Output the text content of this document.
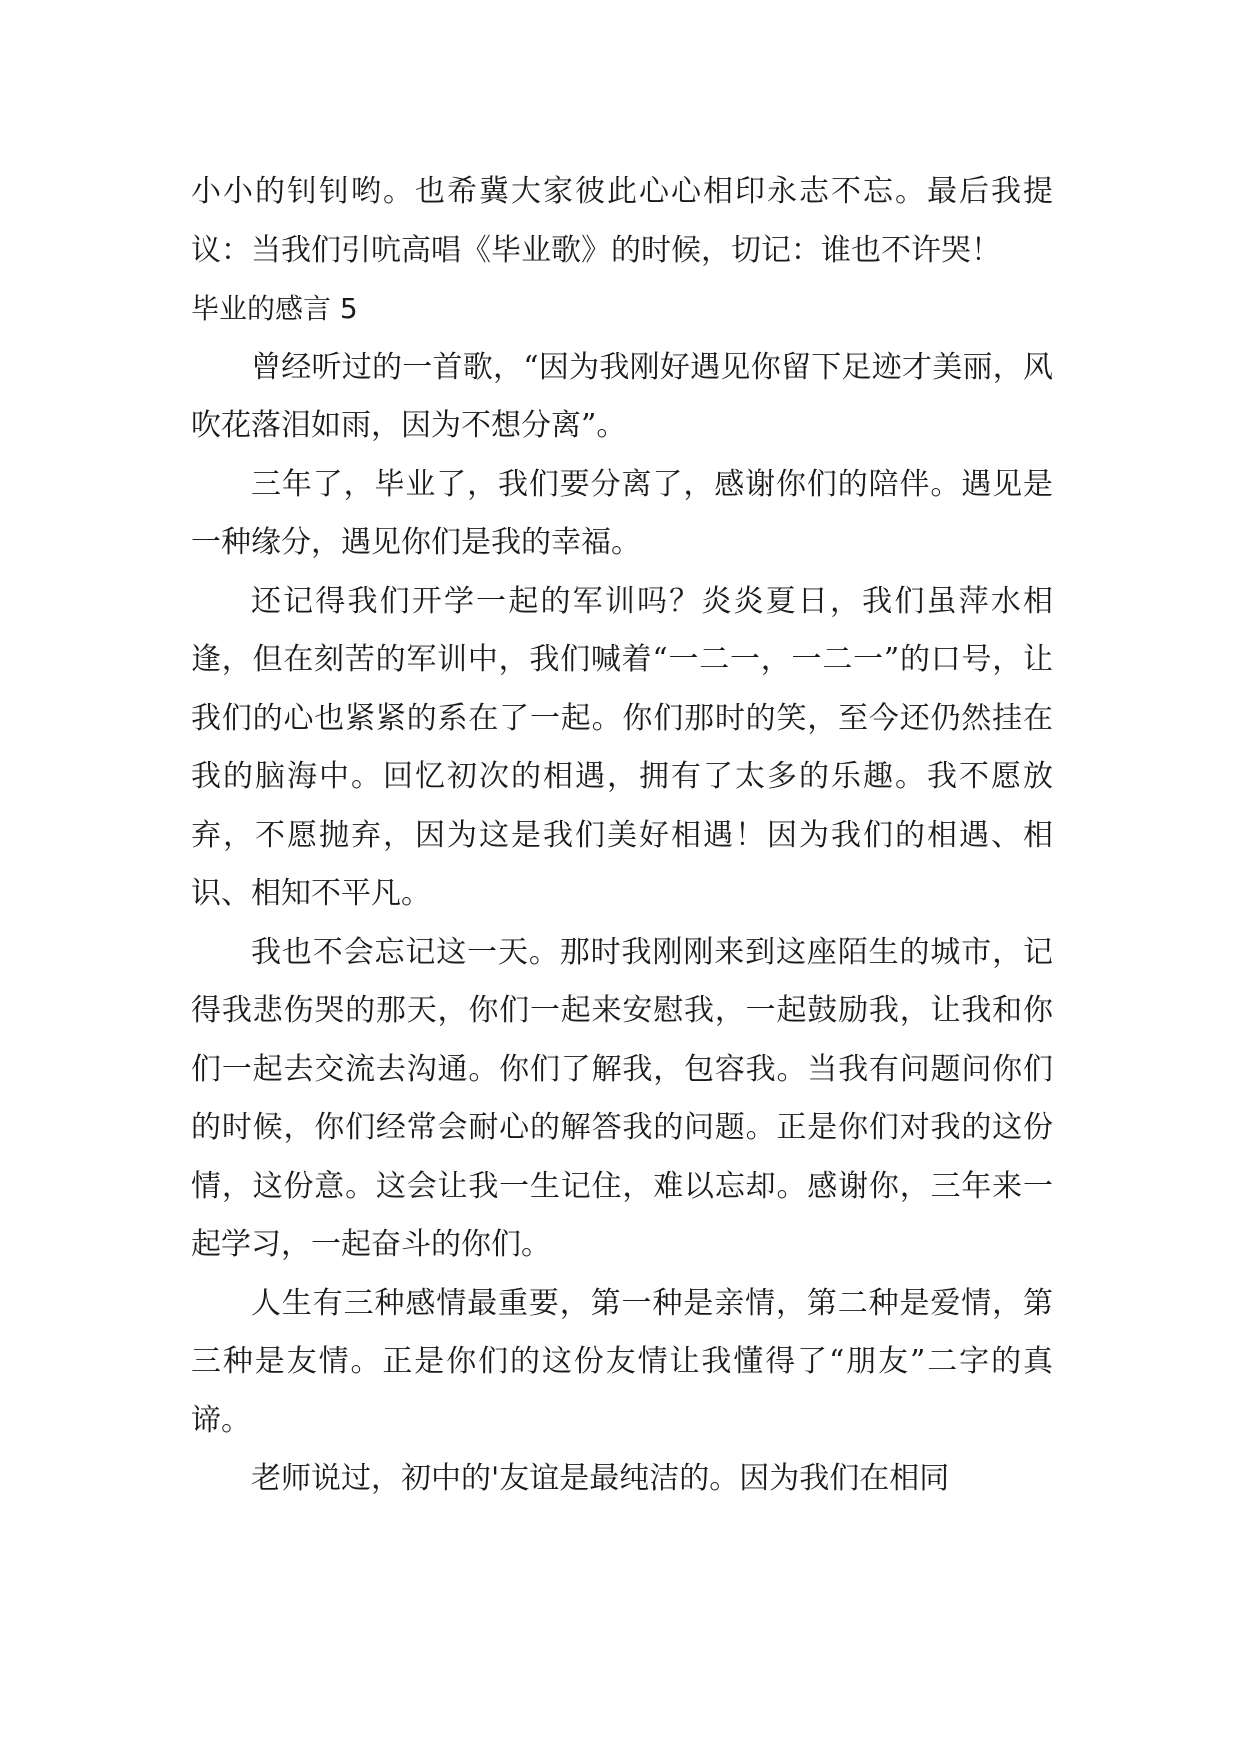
小小的钊钊哟。也希冀大家彼此心心相印永志不忘。最后我提议：当我们引吭高唱《毕业歌》的时候，切记：谁也不许哭！

毕业的感言 5

曾经听过的一首歌，“因为我刚好遇见你留下足迹才美丽，风吹花落泪如雨，因为不想分离”。

三年了，毕业了，我们要分离了，感谢你们的陪伴。遇见是一种缘分，遇见你们是我的幸福。

还记得我们开学一起的军训吗？炎炎夏日，我们虽萍水相逢，但在刻苦的军训中，我们喊着“一二一，一二一”的口号，让我们的心也紧紧的系在了一起。你们那时的笑，至今还仍然挂在我的脑海中。回忆初次的相遇，拥有了太多的乐趣。我不愿放弃，不愿抛弃，因为这是我们美好相遇！因为我们的相遇、相识、相知不平凡。

我也不会忘记这一天。那时我刚刚来到这座陌生的城市，记得我悲伤哭的那天，你们一起来安慰我，一起鼓励我，让我和你们一起去交流去沟通。你们了解我，包容我。当我有问题问你们的时候，你们经常会耐心的解答我的问题。正是你们对我的这份情，这份意。这会让我一生记住，难以忘却。感谢你，三年来一起学习，一起奋斗的你们。

人生有三种感情最重要，第一种是亲情，第二种是爱情，第三种是友情。正是你们的这份友情让我懂得了“朋友”二字的真谛。

老师说过，初中的'友谊是最纯洁的。因为我们在相同
